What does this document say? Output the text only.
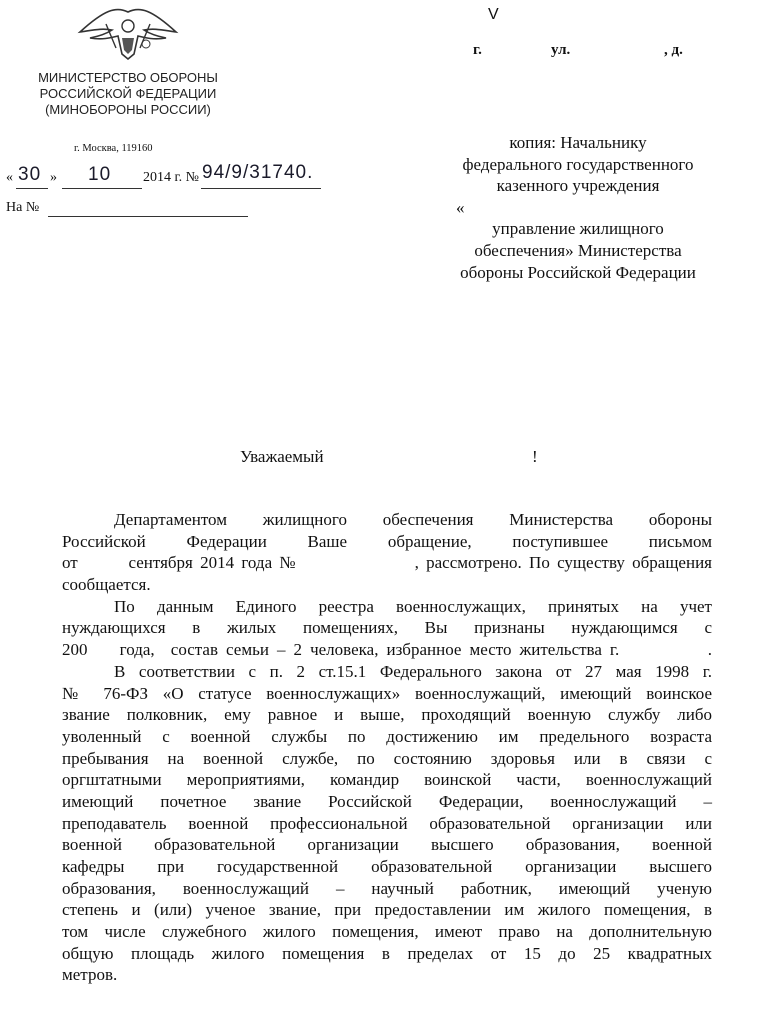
МИНИСТЕРСТВО ОБОРОНЫ
РОССИЙСКОЙ ФЕДЕРАЦИИ
(МИНОБОРОНЫ РОССИИ)
г. Москва, 119160
« 30 » 10 2014 г. № 94/9/31740.
На №
V
г.	ул.	, д.
копия: Начальнику
федерального государственного
казенного учреждения
«
управление жилищного
обеспечения» Министерства
обороны Российской Федерации
Уважаемый	!
Департаментом жилищного обеспечения Министерства обороны
Российской Федерации Ваше обращение, поступившее письмом
от       сентября 2014 года №                , рассмотрено. По существу обращения
сообщается.
По данным Единого реестра военнослужащих, принятых на учет
нуждающихся в жилых помещениях, Вы признаны нуждающимся с
200    года,  состав семьи – 2 человека, избранное место жительства г.           .
В соответствии с п. 2 ст.15.1 Федерального закона от 27 мая 1998 г.
№ 76-ФЗ «О статусе военнослужащих» военнослужащий, имеющий воинское
звание полковник, ему равное и выше, проходящий военную службу либо
уволенный с военной службы по достижению им предельного возраста
пребывания на военной службе, по состоянию здоровья или в связи с
оргштатными мероприятиями, командир воинской части, военнослужащий
имеющий почетное звание Российской Федерации, военнослужащий –
преподаватель военной профессиональной образовательной организации или
военной образовательной организации высшего образования, военной
кафедры при государственной образовательной организации высшего
образования, военнослужащий – научный работник, имеющий ученую
степень и (или) ученое звание, при предоставлении им жилого помещения, в
том числе служебного жилого помещения, имеют право на дополнительную
общую площадь жилого помещения в пределах от 15 до 25 квадратных
метров.
